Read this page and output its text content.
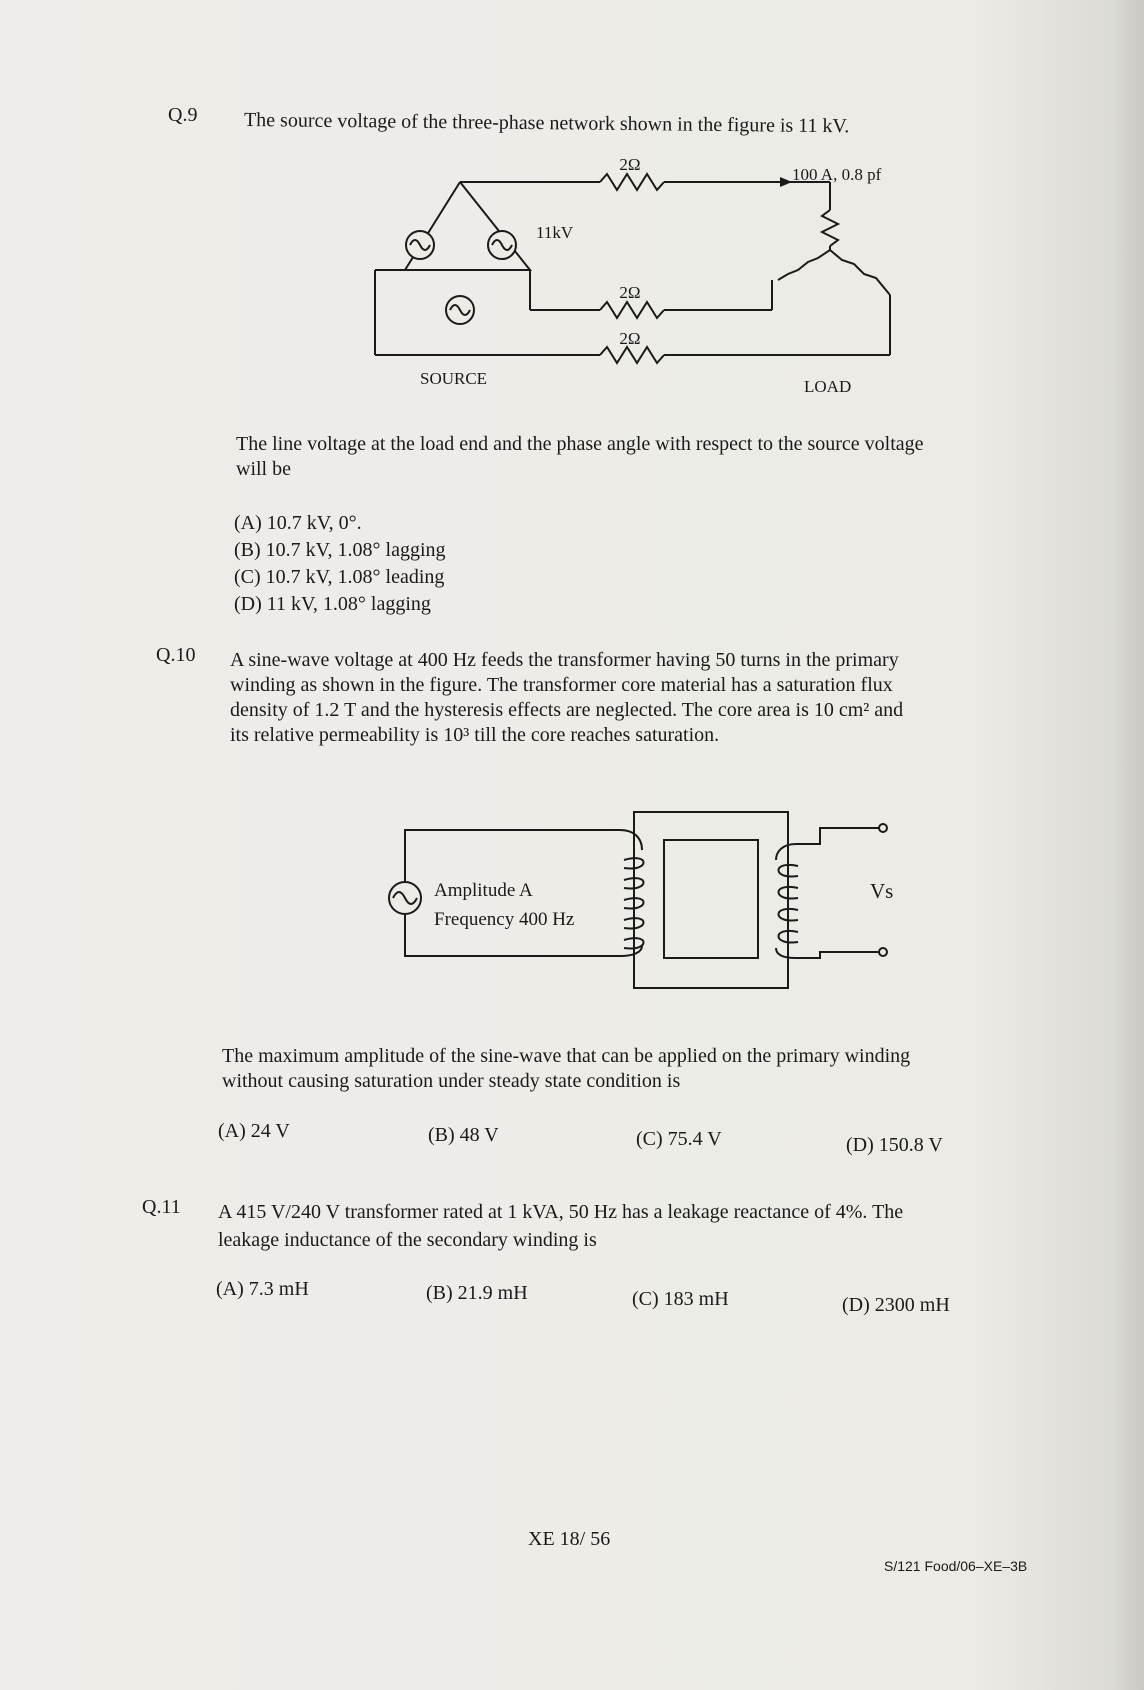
Q.9 The source voltage of the three-phase network shown in the figure is 11 kV.
2Ω
2Ω
2Ω
100 A, 0.8 pf
11kV
SOURCE	LOAD
The line voltage at the load end and the phase angle with respect to the source voltage
will be
(A) 10.7 kV, 0°.
(B) 10.7 kV, 1.08° lagging
(C) 10.7 kV, 1.08° leading
(D) 11 kV, 1.08° lagging
Q.10 A sine-wave voltage at 400 Hz feeds the transformer having 50 turns in the primary
winding as shown in the figure. The transformer core material has a saturation flux
density of 1.2 T and the hysteresis effects are neglected. The core area is 10 cm² and
its relative permeability is 10³ till the core reaches saturation.
Amplitude A
Frequency 400 Hz
Vs
The maximum amplitude of the sine-wave that can be applied on the primary winding
without causing saturation under steady state condition is
(A) 24 V	(B) 48 V	(C) 75.4 V	(D) 150.8 V
Q.11 A 415 V/240 V transformer rated at 1 kVA, 50 Hz has a leakage reactance of 4%. The
leakage inductance of the secondary winding is
(A) 7.3 mH	(B) 21.9 mH	(C) 183 mH	(D) 2300 mH
XE 18/ 56
S/121 Food/06–XE–3B
